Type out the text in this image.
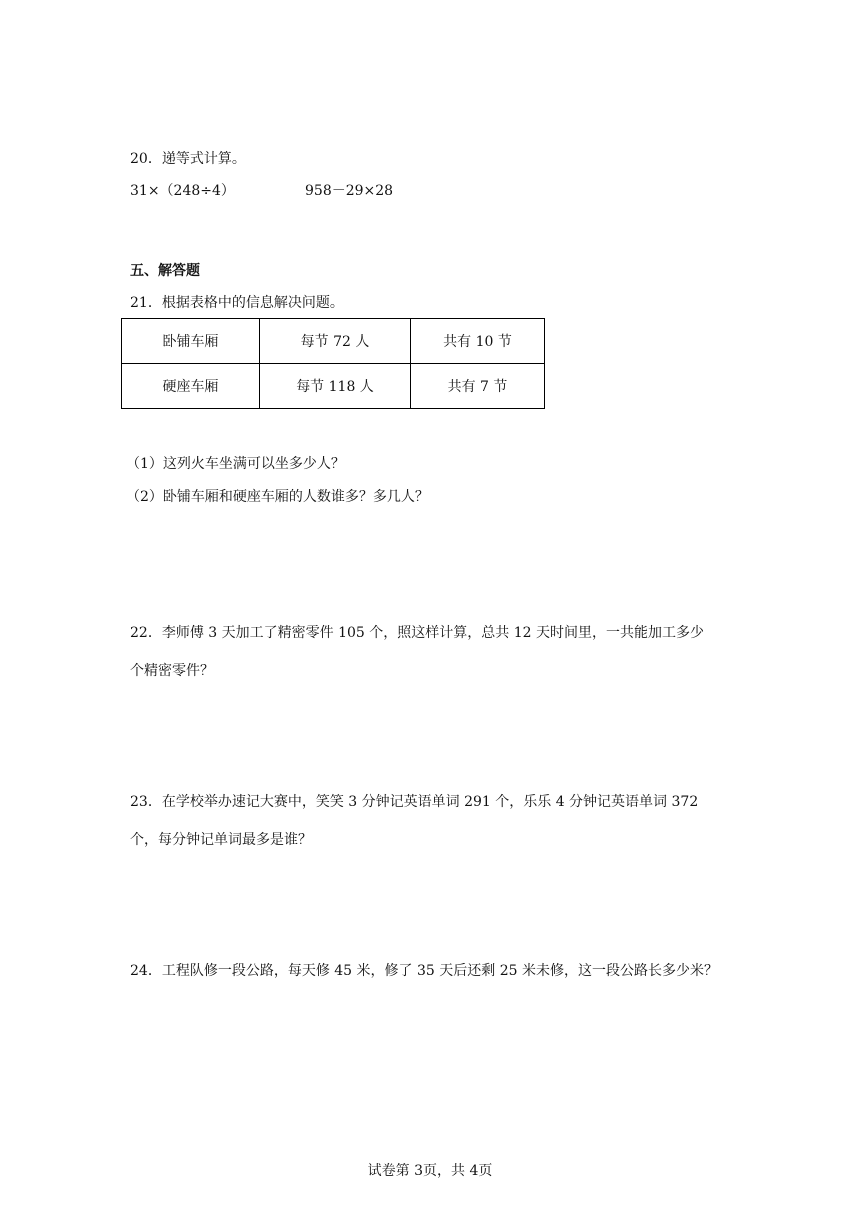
20．递等式计算。
31×（248÷4）	958－29×28
五、解答题
21．根据表格中的信息解决问题。
卧铺车厢	每节 72 人	共有 10 节
硬座车厢	每节 118 人	共有 7 节
（1）这列火车坐满可以坐多少人？
（2）卧铺车厢和硬座车厢的人数谁多？多几人？
22．李师傅 3 天加工了精密零件 105 个，照这样计算，总共 12 天时间里，一共能加工多少
个精密零件？
23．在学校举办速记大赛中，笑笑 3 分钟记英语单词 291 个，乐乐 4 分钟记英语单词 372
个，每分钟记单词最多是谁？
24．工程队修一段公路，每天修 45 米，修了 35 天后还剩 25 米未修，这一段公路长多少米？
试卷第 3页，共 4页
